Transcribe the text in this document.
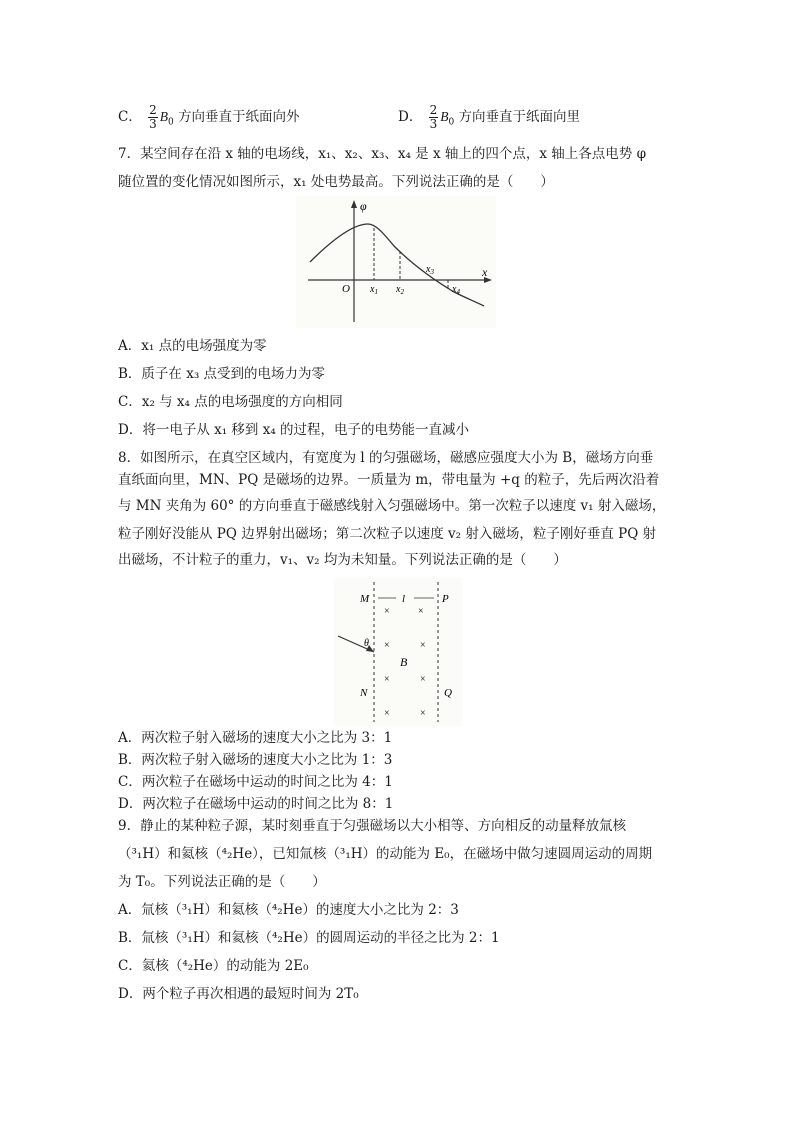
C． $\frac{2}{3} B_0$ 方向垂直于纸面向外	D． $\frac{2}{3} B_0$ 方向垂直于纸面向里
7．某空间存在沿 x 轴的电场线，x₁、x₂、x₃、x₄ 是 x 轴上的四个点，x 轴上各点电势 φ
随位置的变化情况如图所示，x₁ 处电势最高。下列说法正确的是（　　）
φ
x
O $x_1$ $x_2$
$x_3$
$x_4$
A．x₁ 点的电场强度为零
B．质子在 x₃ 点受到的电场力为零
C．x₂ 与 x₄ 点的电场强度的方向相同
D．将一电子从 x₁ 移到 x₄ 的过程，电子的电势能一直减小
8．如图所示，在真空区域内，有宽度为 l 的匀强磁场，磁感应强度大小为 B，磁场方向垂
直纸面向里，MN、PQ 是磁场的边界。一质量为 m，带电量为 +q 的粒子，先后两次沿着
与 MN 夹角为 60° 的方向垂直于磁感线射入匀强磁场中。第一次粒子以速度 v₁ 射入磁场，
粒子刚好没能从 PQ 边界射出磁场；第二次粒子以速度 v₂ 射入磁场，粒子刚好垂直 PQ 射
出磁场，不计粒子的重力，v₁、v₂ 均为未知量。下列说法正确的是（　　）
M
N
P
Q
l
×	×
×	×
×	×
×	×
B
θ
A．两次粒子射入磁场的速度大小之比为 3：1
B．两次粒子射入磁场的速度大小之比为 1：3
C．两次粒子在磁场中运动的时间之比为 4：1
D．两次粒子在磁场中运动的时间之比为 8：1
9．静止的某种粒子源，某时刻垂直于匀强磁场以大小相等、方向相反的动量释放氚核
（³₁H）和氦核（⁴₂He），已知氚核（³₁H）的动能为 E₀，在磁场中做匀速圆周运动的周期
为 T₀。下列说法正确的是（　　）
A．氚核（³₁H）和氦核（⁴₂He）的速度大小之比为 2：3
B．氚核（³₁H）和氦核（⁴₂He）的圆周运动的半径之比为 2：1
C．氦核（⁴₂He）的动能为 2E₀
D．两个粒子再次相遇的最短时间为 2T₀
